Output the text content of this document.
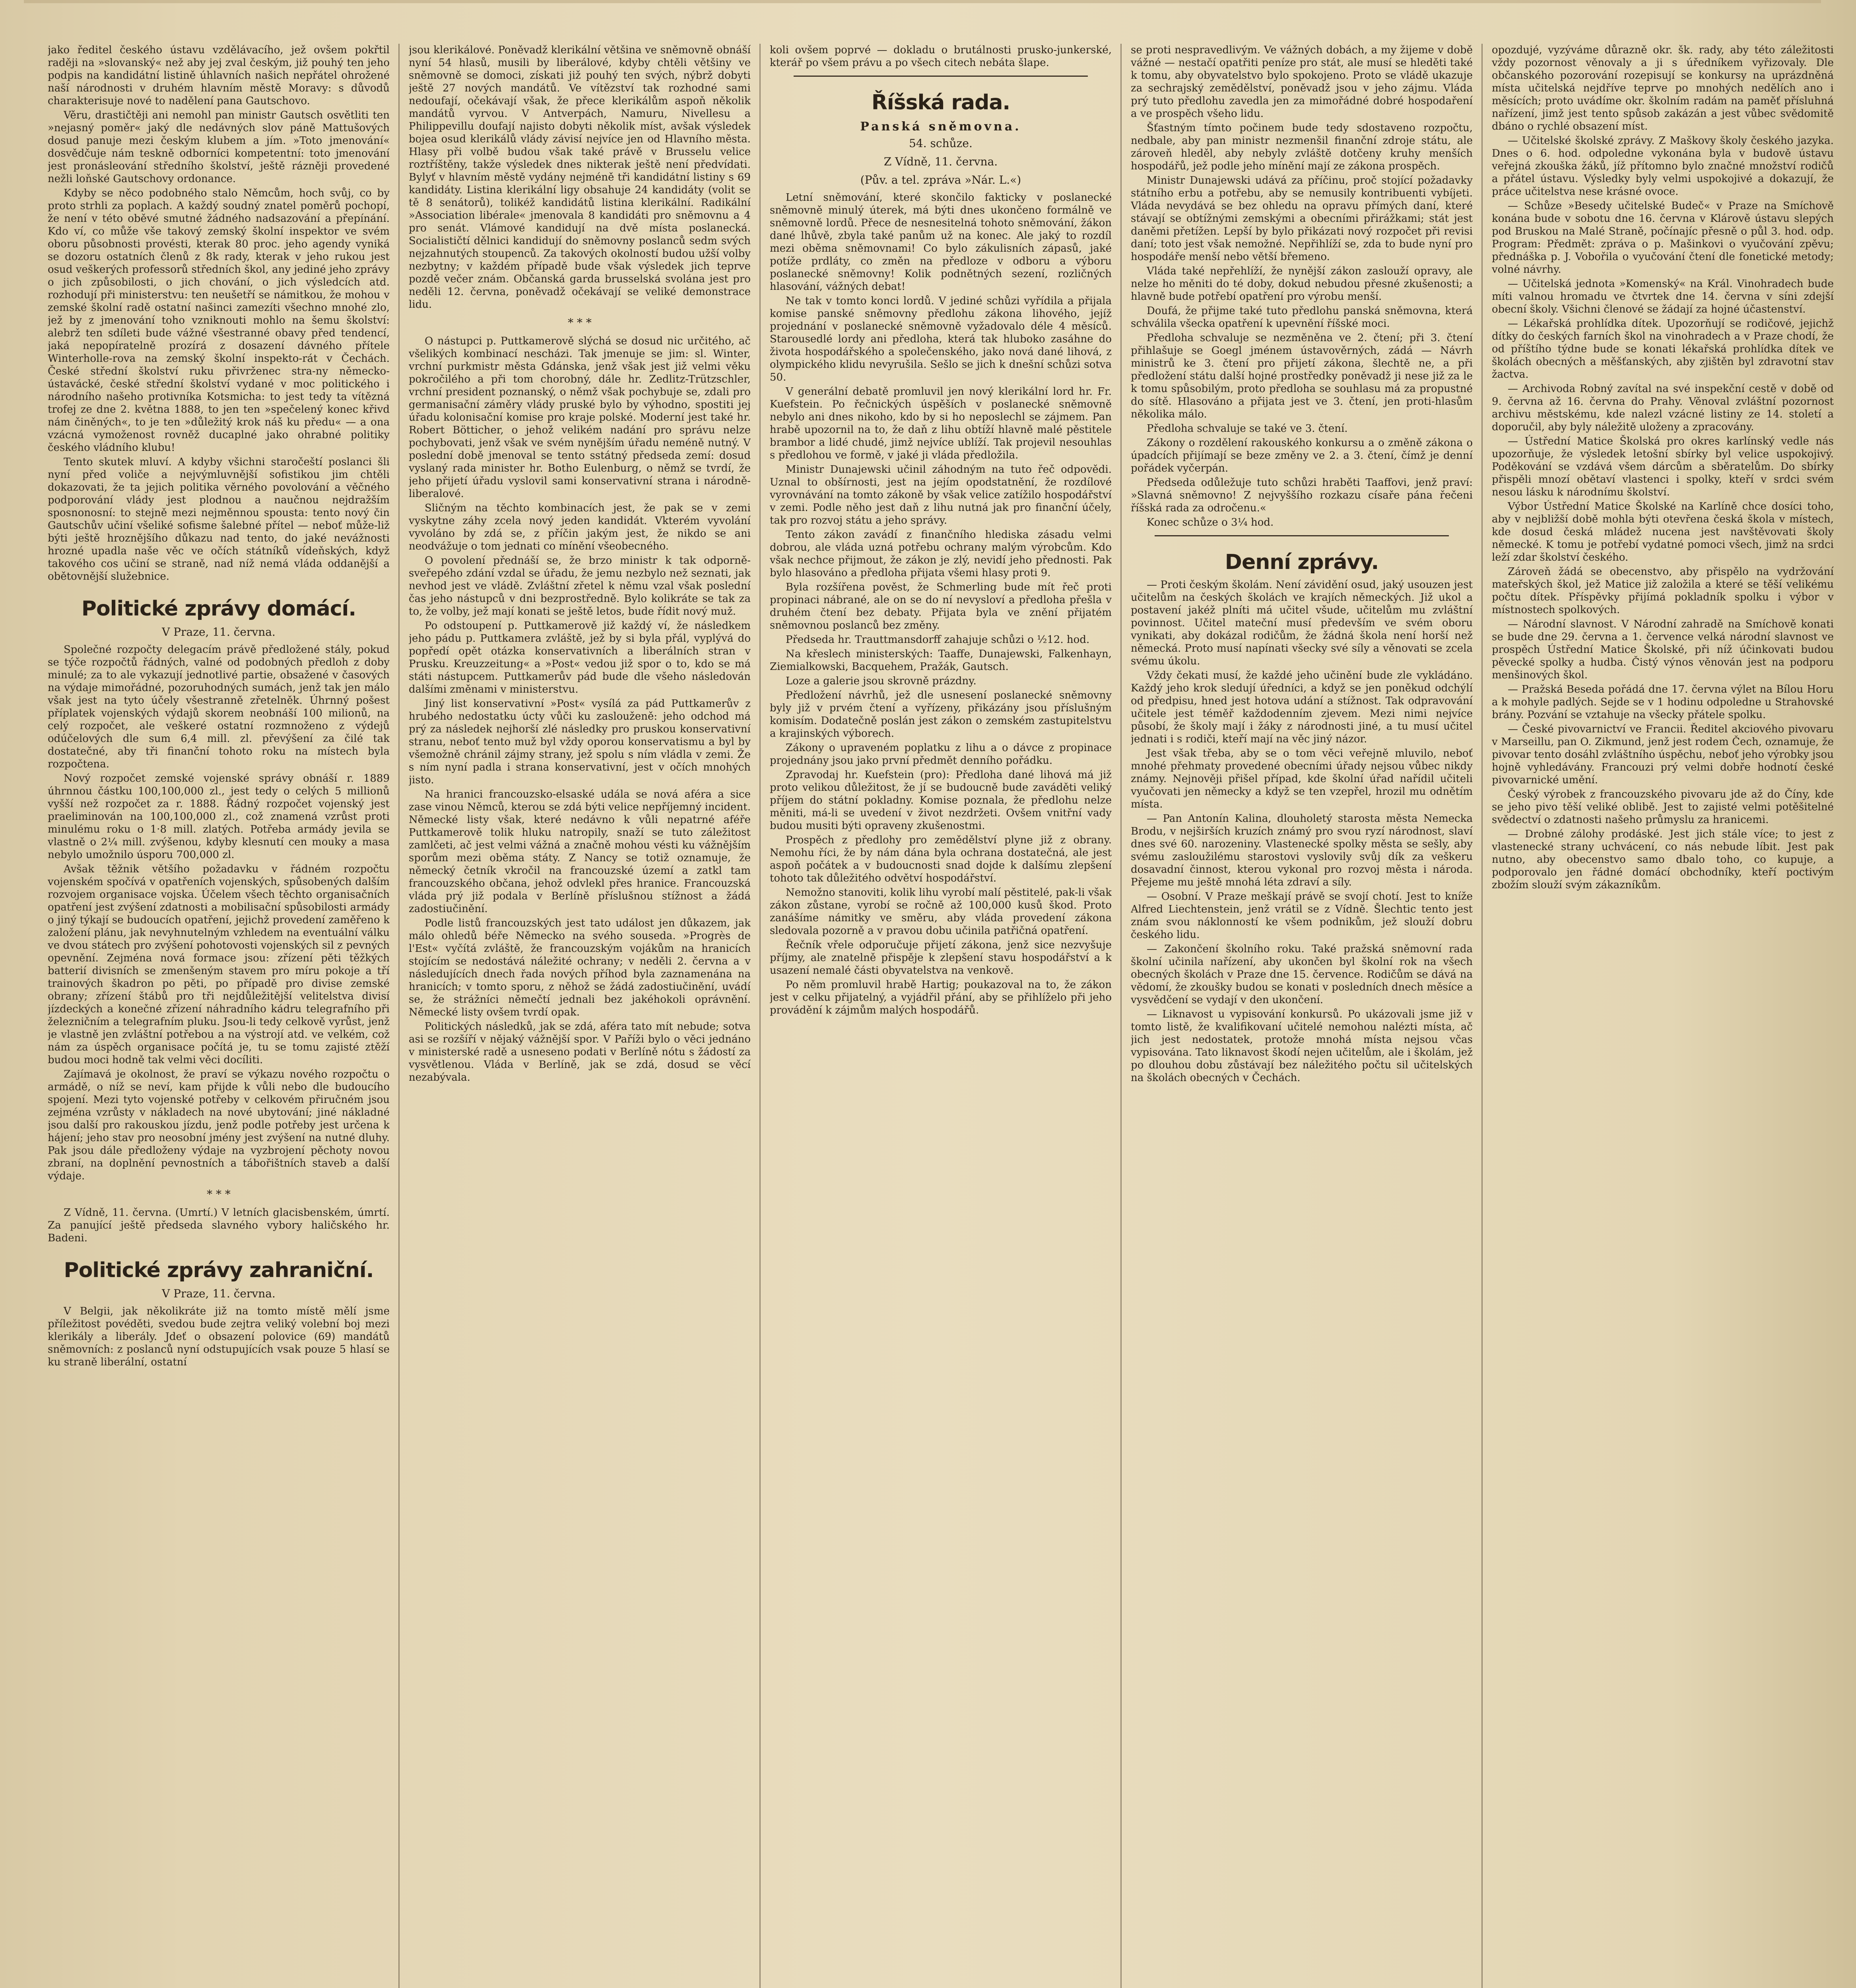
jako ředitel českého ústavu vzdělávacího, jež ovšem pokřtil raději na »slovanský« než aby jej zval českým, již pouhý ten jeho podpis na kandidátní listině úhlavních našich nepřátel ohrožené naší národnosti v druhém hlavním městě Moravy: s důvodů charakterisuje nové to nadělení pana Gautschovo.

Věru, drastičtěji ani nemohl pan ministr Gautsch osvětliti ten »nejasný poměr« jaký dle nedávných slov páně Mattušových dosud panuje mezi českým klubem a jím. »Toto jmenování« dosvědčuje nám teskně odborníci kompetentní: toto jmenování jest pronásleování středního školství, ještě rázněji provedené nežli loňské Gautschovy ordonance.

Kdyby se něco podobného stalo Němcům, hoch svůj, co by proto strhli za poplach. A každý soudný znatel poměrů pochopí, že není v této oběvé smutné žádného nadsazování a přepínání. Kdo ví, co může vše takový zemský školní inspektor ve svém oboru působnosti provésti, kterak 80 proc. jeho agendy vyniká se dozoru ostatních členů z 8k rady, kterak v jeho rukou jest osud veškerých professorů středních škol, any jediné jeho zprávy o jich způsobilosti, o jich chování, o jich výsledcích atd. rozhodují při ministerstvu: ten neušetří se námitkou, že mohou v zemské školní radě ostatní našinci zamezíti všechno mnohé zlo, jež by z jmenování toho vzniknouti mohlo na šemu školství: alebrž ten sdíleti bude vážné všestranné obavy před tendencí, jaká nepopíratelně prozírá z dosazení dávného přítele Winterholle-rova na zemský školní inspekto-rát v Čechách. České střední školství ruku přivrženec stra-ny německo-ústavácké, české střední školství vydané v moc politického i národního našeho protivníka Kotsmicha: to jest tedy ta vítězná trofej ze dne 2. května 1888, to jen ten »spečelený konec křivd nám činěných«, to je ten »důležitý krok náš ku předu« — a ona vzácná vymoženost rovněž ducaplné jako ohrabné politiky českého vládního klubu!

Tento skutek mluví. A kdyby všichni staročeští poslanci šli nyní před voliče a nejvýmluvnější sofistikou jim chtěli dokazovati, že ta jejich politika věrného povolování a věčného podporování vlády jest plodnou a naučnou nejdražším sposnonosní: to stejně mezi nejměnnou spousta: tento nový čin Gautschův učiní všeliké sofisme šalebné přítel — neboť může-liž býti ještě hroznějšího důkazu nad tento, do jaké nevážnosti hrozné upadla naše věc ve očích státníků vídeňských, když takového cos učiní se straně, nad níž nemá vláda oddanější a obětovnější služebnice.

Politické zprávy domácí.
V Praze, 11. června.

Společné rozpočty delegacím právě předložené stály, pokud se týče rozpočtů řádných, valné od podobných předloh z doby minulé; za to ale vykazují jednotlivé partie, obsažené v časových na výdaje mimořádné, pozoruhodných sumách, jenž tak jen málo však jest na tyto účely všestranně zřetelněk. Úhrnný pošest příplatek vojenských výdajů skorem neobnáší 100 milionů, na celý rozpočet, ale veškeré ostatní rozmnoženo z výdejů odúčelových dle sum 6,4 mill. zl. převýšení za čilé tak dostatečné, aby tři finanční tohoto roku na místech byla rozpočtena.

Nový rozpočet zemské vojenské správy obnáší r. 1889 úhrnnou částku 100,100,000 zl., jest tedy o celých 5 millionů vyšší než rozpočet za r. 1888. Řádný rozpočet vojenský jest praeliminován na 100,100,000 zl., což znamená vzrůst proti minulému roku o 1·8 mill. zlatých. Potřeba armády jevila se vlastně o 2¼ mill. zvýšenou, kdyby klesnutí cen mouky a masa nebylo umožnilo úsporu 700,000 zl.

Avšak těžnik většího požadavku v řádném rozpočtu vojenském spočívá v opatřeních vojenských, spůsobených dalším rozvojem organisace vojska. Účelem všech těchto organisačních opatření jest zvýšení zdatnosti a mobilisační spůsobilosti armády o jiný týkají se budoucích opatření, jejichž provedení zaměřeno k založení plánu, jak nevyhnutelným vzhledem na eventuální válku ve dvou státech pro zvýšení pohotovosti vojenských sil z pevných opevnění. Zejména nová formace jsou: zřízení pěti těžkých batterií divisních se zmenšeným stavem pro míru pokoje a tří trainových škadron po pěti, po případě pro divise zemské obrany; zřízení štábů pro tři nejdůležitější velitelstva divisí jízdeckých a konečné zřízení náhradního kádru telegrafního při železničním a telegrafním pluku. Jsou-li tedy celkově vyrůst, jenž je vlastně jen zvláštní potřebou a na výstrojí atd. ve velkém, což nám za úspěch organisace počítá je, tu se tomu zajisté ztěží budou moci hodně tak velmi věci docíliti.

Zajímavá je okolnost, že praví se výkazu nového rozpočtu o armádě, o níž se neví, kam přijde k vůli nebo dle budoucího spojení. Mezi tyto vojenské potřeby v celkovém přiručném jsou zejména vzrůsty v nákladech na nové ubytování; jiné nákladné jsou další pro rakouskou jízdu, jenž podle potřeby jest určena k hájení; jeho stav pro neosobní jmény jest zvýšení na nutné dluhy. Pak jsou dále předloženy výdaje na vyzbrojení pěchoty novou zbraní, na doplnění pevnostních a tábořištních staveb a další výdaje.

* * *

Z Vídně, 11. června. (Umrtí.) V letních glacisbenském, úmrtí. Za panující ještě předseda slavného vybory haličského hr. Badeni.

Politické zprávy zahraniční.
V Praze, 11. června.

V Belgii, jak několikráte již na tomto místě mělí jsme příležitost povéděti, svedou bude zejtra veliký volební boj mezi klerikály a liberály. Jdeť o obsazení polovice (69) mandátů sněmovních: z poslanců nyní odstupujících vsak pouze 5 hlasí se ku straně liberální, ostatní

jsou klerikálové. Poněvadž klerikální většina ve sněmovně obnáší nyní 54 hlasů, musili by liberálové, kdyby chtěli většiny ve sněmovně se domoci, získati již pouhý ten svých, nýbrž dobyti ještě 27 nových mandátů. Ve vítězství tak rozhodné sami nedoufají, očekávají však, že přece klerikálům aspoň několik mandátů vyrvou. V Antverpách, Namuru, Nivellesu a Philippevillu doufají najisto dobyti několik míst, avšak výsledek bojea osud klerikálů vlády závisí nejvíce jen od Hlavního města. Hlasy při volbě budou však také právě v Brusselu velice roztříštěny, takže výsledek dnes nikterak ještě není předvídati. Bylyť v hlavním městě vydány nejméně tři kandidátní listiny s 69 kandidáty. Listina klerikální ligy obsahuje 24 kandidáty (volit se tě 8 senátorů), tolikéž kandidátů listina klerikální. Radikální »Association libérale« jmenovala 8 kandidáti pro sněmovnu a 4 pro senát. Vlámové kandidují na dvě místa poslanecká. Socialističtí dělnici kandidují do sněmovny poslanců sedm svých nejzahnutých stoupenců. Za takových okolností budou užší volby nezbytny; v každém případě bude však výsledek jich teprve pozdě večer znám. Občanská garda brusselská svolána jest pro neděli 12. června, poněvadž očekávají se veliké demonstrace lidu.

* * *

O nástupci p. Puttkamerově slýchá se dosud nic určitého, ač všelikých kombinací nescházi. Tak jmenuje se jim: sl. Winter, vrchní purkmistr města Gdánska, jenž však jest již velmi věku pokročilého a při tom chorobný, dále hr. Zedlitz-Trützschler, vrchní president poznanský, o němž však pochybuje se, zdali pro germanisační záměry vlády pruské bylo by výhodno, spostiti jej úřadu kolonisační komise pro kraje polské. Moderní jest také hr. Robert Bötticher, o jehož velikém nadání pro správu nelze pochybovati, jenž však ve svém nynějším úřadu neméně nutný. V poslední době jmenoval se tento sstátný předseda zemí: dosud vyslaný rada minister hr. Botho Eulenburg, o němž se tvrdí, že jeho přijetí úřadu vyslovil sami konservativní strana i národně-liberalové.

Sličným na těchto kombinacích jest, že pak se v zemi vyskytne záhy zcela nový jeden kandidát. Vkterém vyvolání vyvoláno by zdá se, z příčin jakým jest, že nikdo se ani neodvážuje o tom jednati co mínění všeobecného.

O povolení přednáší se, že brzo ministr k tak odporně-sveřepého zdání vzdal se úřadu, že jemu nezbylo než seznati, jak nevhod jest ve vládě. Zvláštní zřetel k němu vzal však poslední čas jeho nástupců v dni bezprostředně. Bylo kolikráte se tak za to, že volby, jež mají konati se ještě letos, bude řídit nový muž.

Po odstoupení p. Puttkamerově již každý ví, že následkem jeho pádu p. Puttkamera zvláště, jež by si byla přál, vyplývá do popředí opět otázka konservativních a liberálních stran v Prusku. Kreuzzeitung« a »Post« vedou již spor o to, kdo se má státi nástupcem. Puttkamerův pád bude dle všeho následován dalšími změnami v ministerstvu.

Jiný list konservativní »Post« vysílá za pád Puttkamerův z hrubého nedostatku úcty vůči ku zaslouženě: jeho odchod má prý za následek nejhorší zlé následky pro pruskou konservativní stranu, neboť tento muž byl vždy oporou konservatismu a byl by všemožně chránil zájmy strany, jež spolu s ním vládla v zemi. Že s ním nyní padla i strana konservativní, jest v očích mnohých jisto.

Na hranici francouzsko-elsaské udála se nová aféra a sice zase vinou Němců, kterou se zdá býti velice nepříjemný incident. Německé listy však, které nedávno k vůli nepatrné aféře Puttkamerově tolik hluku natropily, snaží se tuto záležitost zamlčeti, ač jest velmi vážná a značně mohou vésti ku vážnějším sporům mezi oběma státy. Z Nancy se totiž oznamuje, že německý četník vkročil na francouzské území a zatkl tam francouzského občana, jehož odvlekl přes hranice. Francouzská vláda prý již podala v Berlíně příslušnou stížnost a žádá zadostiučinění.

Podle listů francouzských jest tato událost jen důkazem, jak málo ohledů béře Německo na svého souseda. »Progrès de l'Est« vyčítá zvláště, že francouzským vojákům na hranicích stojícím se nedostává náležité ochrany; v neděli 2. června a v následujících dnech řada nových příhod byla zaznamenána na hranicích; v tomto sporu, z něhož se žádá zadostiučinění, uvádí se, že strážníci němečtí jednali bez jakéhokoli oprávnění. Německé listy ovšem tvrdí opak.

Politických následků, jak se zdá, aféra tato mít nebude; sotva asi se rozšíří v nějaký vážnější spor. V Paříži bylo o věci jednáno v ministerské radě a usneseno podati v Berlíně nótu s žádostí za vysvětlenou. Vláda v Berlíně, jak se zdá, dosud se věcí nezabývala.

koli ovšem poprvé — dokladu o brutálnosti prusko-junkerské, kterář po všem právu a po všech citech nebáta šlape.

Říšská rada.
Panská sněmovna.
54. schůze.
Z Vídně, 11. června.
(Pův. a tel. zpráva »Nár. L.«)

Letní sněmování, které skončilo fakticky v poslanecké sněmovně minulý úterek, má býti dnes ukončeno formálně ve sněmovně lordů. Přece de nesnesitelná tohoto sněmování, žákon dané lhůvě, zbyla také panům už na konec. Ale jaký to rozdíl mezi oběma sněmovnami! Co bylo zákulisních zápasů, jaké potíže prdláty, co změn na předloze v odboru a výboru poslanecké sněmovny! Kolik podnětných sezení, rozličných hlasování, vážných debat!

Ne tak v tomto konci lordů. V jediné schůzi vyřídila a přijala komise panské sněmovny předlohu zákona lihového, jejíž projednání v poslanecké sněmovně vyžadovalo déle 4 měsíců. Starousedlé lordy ani předloha, která tak hluboko zasáhne do života hospodářského a společenského, jako nová dané lihová, z olympického klidu nevyrušila. Sešlo se jich k dnešní schůzi sotva 50.

V generální debatě promluvil jen nový klerikální lord hr. Fr. Kuefstein. Po řečnických úspěších v poslanecké sněmovně nebylo ani dnes nikoho, kdo by si ho neposlechl se zájmem. Pan hrabě upozornil na to, že daň z lihu obtíží hlavně malé pěstitele brambor a lidé chudé, jimž nejvíce ublíží. Tak projevil nesouhlas s předlohou ve formě, v jaké ji vláda předložila.

Ministr Dunajewski učinil záhodným na tuto řeč odpovědi. Uznal to obšírnosti, jest na jejím opodstatnění, že rozdílové vyrovnávání na tomto zákoně by však velice zatížilo hospodářství v zemi. Podle něho jest daň z lihu nutná jak pro finanční účely, tak pro rozvoj státu a jeho správy.

Tento zákon zavádí z finančního hlediska zásadu velmi dobrou, ale vláda uzná potřebu ochrany malým výrobcům. Kdo však nechce přijmout, že zákon je zlý, nevidí jeho přednosti. Pak bylo hlasováno a předloha přijata všemi hlasy proti 9.

Byla rozšířena pověst, že Schmerling bude mít řeč proti propinaci nábrané, ale on se do ní nevysloví a předloha přešla v druhém čtení bez debaty. Přijata byla ve znění přijatém sněmovnou poslanců bez změny.

Předseda hr. Trauttmansdorff zahajuje schůzi o ½12. hod.

Na křeslech ministerských: Taaffe, Dunajewski, Falkenhayn, Ziemialkowski, Bacquehem, Pražák, Gautsch.

Loze a galerie jsou skrovně prázdny.

Předložení návrhů, jež dle usnesení poslanecké sněmovny byly již v prvém čtení a vyřízeny, přikázány jsou příslušným komisím. Dodatečně poslán jest zákon o zemském zastupitelstvu a krajinských výborech.

Zákony o upraveném poplatku z lihu a o dávce z propinace projednány jsou jako první předmět denního pořádku.

Zpravodaj hr. Kuefstein (pro): Předloha dané lihová má již proto velikou důležitost, že jí se budoucně bude zaváděti veliký příjem do státní pokladny. Komise poznala, že předlohu nelze měniti, má-li se uvedení v život nezdržeti. Ovšem vnitřní vady budou musiti býti opraveny zkušenostmi.

Prospěch z předlohy pro zemědělství plyne již z obrany. Nemohu říci, že by nám dána byla ochrana dostatečná, ale jest aspoň počátek a v budoucnosti snad dojde k dalšímu zlepšení tohoto tak důležitého odvětví hospodářství.

Nemožno stanoviti, kolik lihu vyrobí malí pěstitelé, pak-li však zákon zůstane, vyrobí se ročně až 100,000 kusů škod. Proto zanášíme námitky ve směru, aby vláda provedení zákona sledovala pozorně a v pravou dobu učinila patřičná opatření.

Řečník vřele odporučuje přijetí zákona, jenž sice nezvyšuje příjmy, ale znatelně přispěje k zlepšení stavu hospodářství a k usazení nemalé části obyvatelstva na venkově.

Po něm promluvil hrabě Hartig; poukazoval na to, že zákon jest v celku přijatelný, a vyjádřil přání, aby se přihlíželo při jeho provádění k zájmům malých hospodářů.

se proti nespravedlivým. Ve vážných dobách, a my žijeme v době vážné — nestačí opatřiti peníze pro stát, ale musí se hleděti také k tomu, aby obyvatelstvo bylo spokojeno. Proto se vládě ukazuje za sechrajský zemědělství, poněvadž jsou v jeho zájmu. Vláda prý tuto předlohu zavedla jen za mimořádné dobré hospodaření a ve prospěch všeho lidu.

Šťastným tímto počinem bude tedy sdostaveno rozpočtu, nedbale, aby pan ministr nezmenšil finanční zdroje státu, ale zároveň hleděl, aby nebyly zvláště dotčeny kruhy menších hospodářů, jež podle jeho mínění mají ze zákona prospěch.

Ministr Dunajewski udává za příčinu, proč stojící požadavky státního erbu a potřebu, aby se nemusily kontribuenti vybíjeti. Vláda nevydává se bez ohledu na opravu přímých daní, které stávají se obtížnými zemskými a obecními přirážkami; stát jest daněmi přetížen. Lepší by bylo přikázati nový rozpočet při revisi daní; toto jest však nemožné. Nepřihlíží se, zda to bude nyní pro hospodáře menší nebo větší břemeno.

Vláda také nepřehlíží, že nynější zákon zaslouží opravy, ale nelze ho měniti do té doby, dokud nebudou přesné zkušenosti; a hlavně bude potřebí opatření pro výrobu menší.

Doufá, že přijme také tuto předlohu panská sněmovna, která schválila všecka opatření k upevnění říšské moci.

Předloha schvaluje se nezměněna ve 2. čtení; při 3. čtení přihlašuje se Goegl jménem ústavověrných, zádá — Návrh ministrů ke 3. čtení pro přijetí zákona, šlechtě ne, a při předložení státu další hojné prostředky poněvadž ji nese již za le k tomu spůsobilým, proto předloha se souhlasu má za propustné do sítě. Hlasováno a přijata jest ve 3. čtení, jen proti-hlasům několika málo.

Předloha schvaluje se také ve 3. čtení.

Zákony o rozdělení rakouského konkursu a o změně zákona o úpadcích přijímají se beze změny ve 2. a 3. čtení, čímž je denní pořádek vyčerpán.

Předseda odůležuje tuto schůzi hraběti Taaffovi, jenž praví: »Slavná sněmovno! Z nejvyššího rozkazu císaře pána řečeni říšská rada za odročenu.«

Konec schůze o 3¼ hod.

Denní zprávy.

— Proti českým školám. Není závidění osud, jaký usouzen jest učitelům na českých školách ve krajích německých. Již ukol a postavení jakéž plníti má učitel všude, učitelům mu zvláštní povinnost. Učitel mateční musí především ve svém oboru vynikati, aby dokázal rodičům, že žádná škola není horší než německá. Proto musí napínati všecky své síly a věnovati se zcela svému úkolu.

Vždy čekati musí, že každé jeho učinění bude zle vykládáno. Každý jeho krok sledují úředníci, a když se jen poněkud odchýlí od předpisu, hned jest hotova udání a stížnost. Tak odpravování učitele jest téměř každodenním zjevem. Mezi nimi nejvíce působí, že školy mají i žáky z národnosti jiné, a tu musí učitel jednati i s rodiči, kteří mají na věc jiný názor.

Jest však třeba, aby se o tom věci veřejně mluvilo, neboť mnohé přehmaty provedené obecními úřady nejsou vůbec nikdy známy. Nejnověji přišel případ, kde školní úřad nařídil učiteli vyučovati jen německy a když se ten vzepřel, hrozil mu odnětím místa.

— Pan Antonín Kalina, dlouholetý starosta města Nemecka Brodu, v nejširších kruzích známý pro svou ryzí národnost, slaví dnes své 60. narozeniny. Vlastenecké spolky města se sešly, aby svému zasloužilému starostovi vyslovily svůj dík za veškeru dosavadní činnost, kterou vykonal pro rozvoj města i národa. Přejeme mu ještě mnohá léta zdraví a síly.

— Osobní. V Praze meškají právě se svojí chotí. Jest to kníže Alfred Liechtenstein, jenž vrátil se z Vídně. Šlechtic tento jest znám svou náklonností ke všem podnikům, jež slouží dobru českého lidu.

— Zakončení školního roku. Také pražská sněmovní rada školní učinila nařízení, aby ukončen byl školní rok na všech obecných školách v Praze dne 15. července. Rodičům se dává na vědomí, že zkoušky budou se konati v posledních dnech měsíce a vysvědčení se vydají v den ukončení.

— Liknavost u vypisování konkursů. Po ukázovali jsme již v tomto listě, že kvalifikovaní učitelé nemohou nalézti místa, ač jich jest nedostatek, protože mnohá místa nejsou včas vypisována. Tato liknavost škodí nejen učitelům, ale i školám, jež po dlouhou dobu zůstávají bez náležitého počtu sil učitelských na školách obecných v Čechách.

opozdujé, vyzýváme důrazně okr. šk. rady, aby této záležitosti vždy pozornost věnovaly a ji s úředníkem vyřizovaly. Dle občanského pozorování rozepisují se konkursy na uprázdněná místa učitelská nejdříve teprve po mnohých nedělích ano i měsících; proto uvádíme okr. školním radám na paměť přísluhná nařízení, jimž jest tento spůsob zakázán a jest vůbec svědomitě dbáno o rychlé obsazení míst.

— Učitelské školské zprávy. Z Maškovy školy českého jazyka. Dnes o 6. hod. odpoledne vykonána byla v budově ústavu veřejná zkouška žáků, jíž přítomno bylo značné množství rodičů a přátel ústavu. Výsledky byly velmi uspokojivé a dokazují, že práce učitelstva nese krásné ovoce.

— Schůze »Besedy učitelské Budeč« v Praze na Smíchově konána bude v sobotu dne 16. června v Klárově ústavu slepých pod Bruskou na Malé Straně, počínajíc přesně o půl 3. hod. odp. Program: Předmět: zpráva o p. Mašinkovi o vyučování zpěvu; přednáška p. J. Vobořila o vyučování čtení dle fonetické metody; volné návrhy.

— Učitelská jednota »Komenský« na Král. Vinohradech bude míti valnou hromadu ve čtvrtek dne 14. června v síni zdejší obecní školy. Všichni členové se žádají za hojné účastenství.

— Lékařská prohlídka dítek. Upozorňují se rodičové, jejichž dítky do českých farních škol na vinohradech a v Praze chodí, že od příštího týdne bude se konati lékařská prohlídka dítek ve školách obecných a měšťanských, aby zjištěn byl zdravotní stav žactva.

— Archivoda Robný zavítal na své inspekční cestě v době od 9. června až 16. června do Prahy. Věnoval zvláštní pozornost archivu městskému, kde nalezl vzácné listiny ze 14. století a doporučil, aby byly náležitě uloženy a zpracovány.

— Ústřední Matice Školská pro okres karlínský vedle nás upozorňuje, že výsledek letošní sbírky byl velice uspokojivý. Poděkování se vzdává všem dárcům a sběratelům. Do sbírky přispěli mnozí obětaví vlastenci i spolky, kteří v srdci svém nesou lásku k národnímu školství.

Výbor Ústřední Matice Školské na Karlíně chce dosíci toho, aby v nejbližší době mohla býti otevřena česká škola v místech, kde dosud česká mládež nucena jest navštěvovati školy německé. K tomu je potřebí vydatné pomoci všech, jimž na srdci leží zdar školství českého.

Zároveň žádá se obecenstvo, aby přispělo na vydržování mateřských škol, jež Matice již založila a které se těší velikému počtu dítek. Příspěvky přijímá pokladník spolku i výbor v místnostech spolkových.

— Národní slavnost. V Národní zahradě na Smíchově konati se bude dne 29. června a 1. července velká národní slavnost ve prospěch Ústřední Matice Školské, při níž účinkovati budou pěvecké spolky a hudba. Čistý výnos věnován jest na podporu menšinových škol.

— Pražská Beseda pořádá dne 17. června výlet na Bílou Horu a k mohyle padlých. Sejde se v 1 hodinu odpoledne u Strahovské brány. Pozvání se vztahuje na všecky přátele spolku.

— České pivovarnictví ve Francii. Ředitel akciového pivovaru v Marseillu, pan O. Zikmund, jenž jest rodem Čech, oznamuje, že pivovar tento dosáhl zvláštního úspěchu, neboť jeho výrobky jsou hojně vyhledávány. Francouzi prý velmi dobře hodnotí české pivovarnické umění.

Český výrobek z francouzského pivovaru jde až do Číny, kde se jeho pivo těší veliké oblibě. Jest to zajisté velmi potěšitelné svědectví o zdatnosti našeho průmyslu za hranicemi.

— Drobné zálohy prodáské. Jest jich stále více; to jest z vlastenecké strany uchvácení, co nás nebude líbit. Jest pak nutno, aby obecenstvo samo dbalo toho, co kupuje, a podporovalo jen řádné domácí obchodníky, kteří poctivým zbožím slouží svým zákazníkům.
